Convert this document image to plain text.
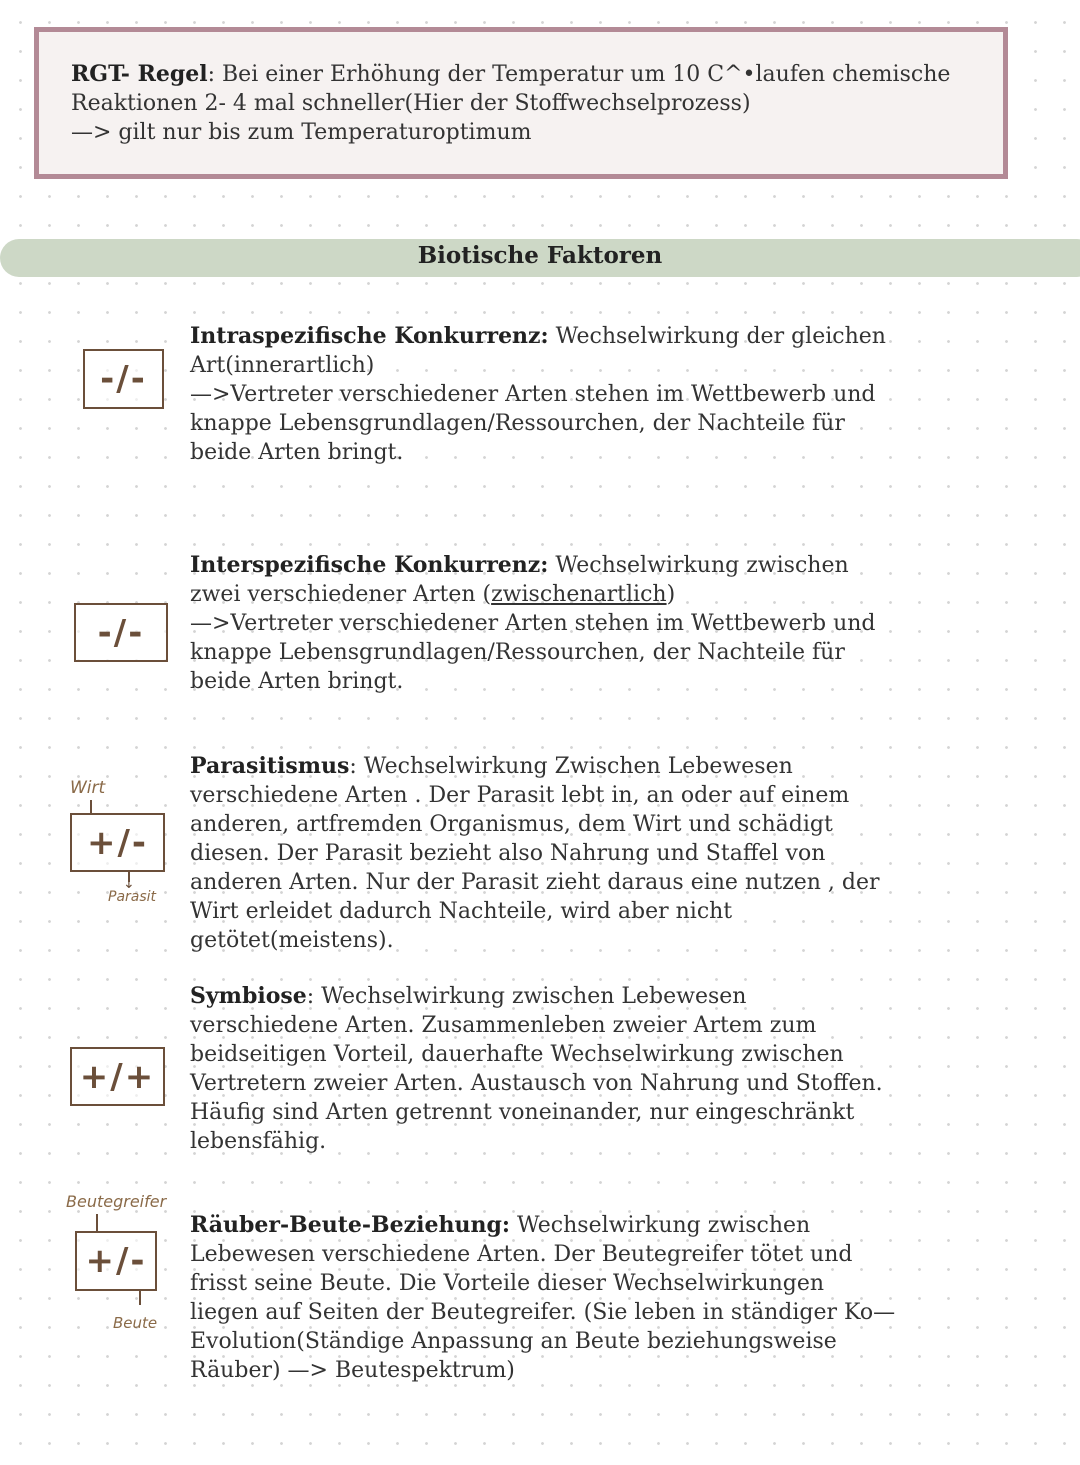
RGT- Regel: Bei einer Erhöhung der Temperatur um 10 C^•laufen chemische
Reaktionen 2- 4 mal schneller(Hier der Stoffwechselprozess)
—> gilt nur bis zum Temperaturoptimum
Biotische Faktoren
-/-
Intraspezifische Konkurrenz: Wechselwirkung der gleichen
Art(innerartlich)
—>Vertreter verschiedener Arten stehen im Wettbewerb und
knappe Lebensgrundlagen/Ressourchen, der Nachteile für
beide Arten bringt.
-/-
Interspezifische Konkurrenz: Wechselwirkung zwischen
zwei verschiedener Arten (zwischenartlich)
—>Vertreter verschiedener Arten stehen im Wettbewerb und
knappe Lebensgrundlagen/Ressourchen, der Nachteile für
beide Arten bringt.
Wirt
+/-
↓
Parasit
Parasitismus: Wechselwirkung Zwischen Lebewesen
verschiedene Arten . Der Parasit lebt in, an oder auf einem
anderen, artfremden Organismus, dem Wirt und schädigt
diesen. Der Parasit bezieht also Nahrung und Staffel von
anderen Arten. Nur der Parasit zieht daraus eine nutzen , der
Wirt erleidet dadurch Nachteile, wird aber nicht
getötet(meistens).
+/+
Symbiose: Wechselwirkung zwischen Lebewesen
verschiedene Arten. Zusammenleben zweier Artem zum
beidseitigen Vorteil, dauerhafte Wechselwirkung zwischen
Vertretern zweier Arten. Austausch von Nahrung und Stoffen.
Häufig sind Arten getrennt voneinander, nur eingeschränkt
lebensfähig.
Beutegreifer
+/-
Beute
Räuber-Beute-Beziehung: Wechselwirkung zwischen
Lebewesen verschiedene Arten. Der Beutegreifer tötet und
frisst seine Beute. Die Vorteile dieser Wechselwirkungen
liegen auf Seiten der Beutegreifer. (Sie leben in ständiger Ko—
Evolution(Ständige Anpassung an Beute beziehungsweise
Räuber) —> Beutespektrum)
